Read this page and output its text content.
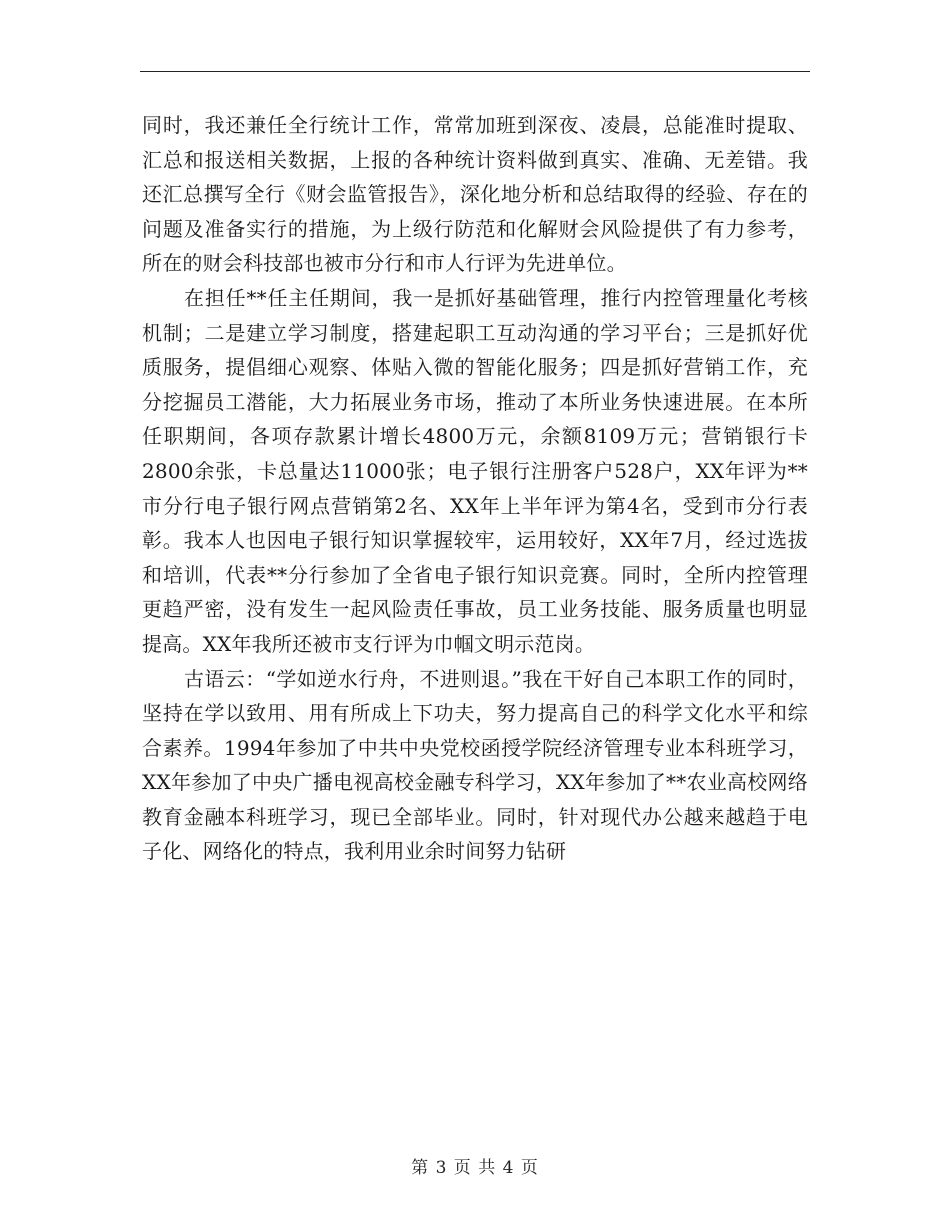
同时，我还兼任全行统计工作，常常加班到深夜、凌晨，总能准时提取、汇总和报送相关数据，上报的各种统计资料做到真实、准确、无差错。我还汇总撰写全行《财会监管报告》，深化地分析和总结取得的经验、存在的问题及准备实行的措施，为上级行防范和化解财会风险提供了有力参考，所在的财会科技部也被市分行和市人行评为先进单位。

在担任**任主任期间，我一是抓好基础管理，推行内控管理量化考核机制；二是建立学习制度，搭建起职工互动沟通的学习平台；三是抓好优质服务，提倡细心观察、体贴入微的智能化服务；四是抓好营销工作，充分挖掘员工潜能，大力拓展业务市场，推动了本所业务快速进展。在本所任职期间，各项存款累计增长4800万元，余额8109万元；营销银行卡2800余张，卡总量达11000张；电子银行注册客户528户，XX年评为**市分行电子银行网点营销第2名、XX年上半年评为第4名，受到市分行表彰。我本人也因电子银行知识掌握较牢，运用较好，XX年7月，经过选拔和培训，代表**分行参加了全省电子银行知识竞赛。同时，全所内控管理更趋严密，没有发生一起风险责任事故，员工业务技能、服务质量也明显提高。XX年我所还被市支行评为巾帼文明示范岗。

古语云：“学如逆水行舟，不进则退。”我在干好自己本职工作的同时，坚持在学以致用、用有所成上下功夫，努力提高自己的科学文化水平和综合素养。1994年参加了中共中央党校函授学院经济管理专业本科班学习，XX年参加了中央广播电视高校金融专科学习，XX年参加了**农业高校网络教育金融本科班学习，现已全部毕业。同时，针对现代办公越来越趋于电子化、网络化的特点，我利用业余时间努力钻研

第 3 页 共 4 页
